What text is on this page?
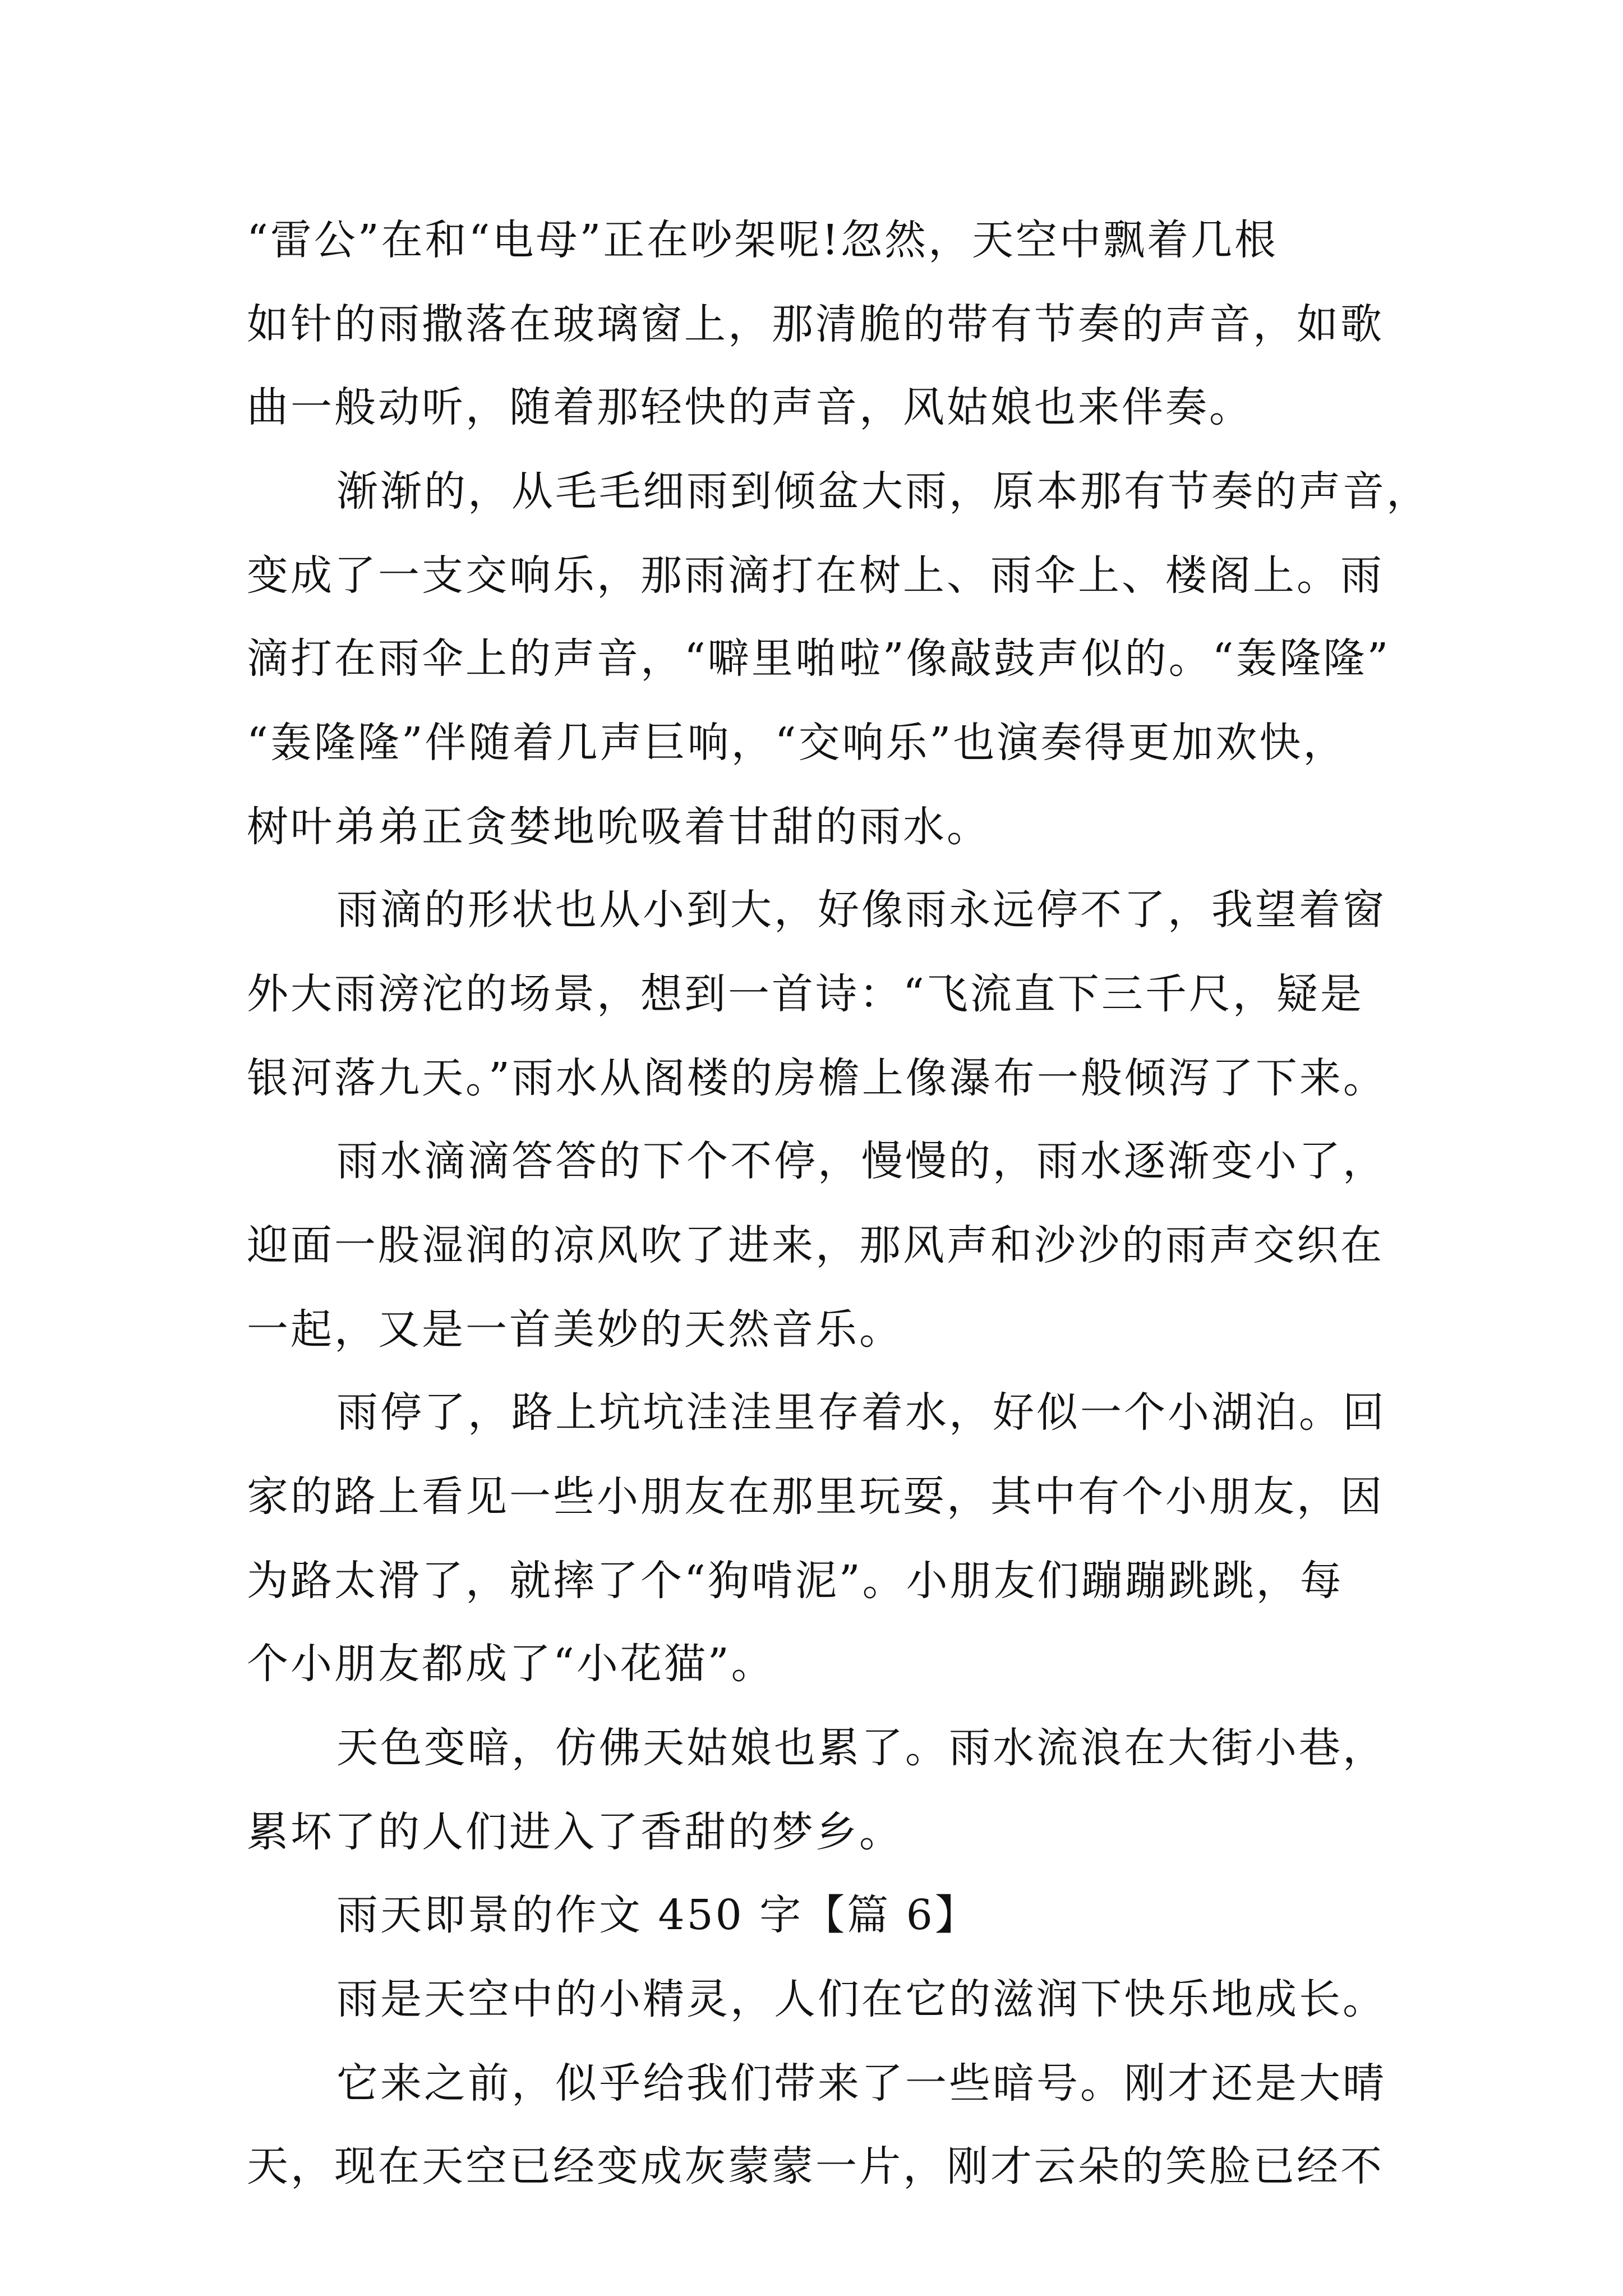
“雷公”在和“电母”正在吵架呢!忽然，天空中飘着几根

如针的雨撒落在玻璃窗上，那清脆的带有节奏的声音，如歌

曲一般动听，随着那轻快的声音，风姑娘也来伴奏。

渐渐的，从毛毛细雨到倾盆大雨，原本那有节奏的声音，

变成了一支交响乐，那雨滴打在树上、雨伞上、楼阁上。雨

滴打在雨伞上的声音，“噼里啪啦”像敲鼓声似的。“轰隆隆”

“轰隆隆”伴随着几声巨响，“交响乐”也演奏得更加欢快，

树叶弟弟正贪婪地吮吸着甘甜的雨水。

雨滴的形状也从小到大，好像雨永远停不了，我望着窗

外大雨滂沱的场景，想到一首诗：“飞流直下三千尺，疑是

银河落九天。”雨水从阁楼的房檐上像瀑布一般倾泻了下来。

雨水滴滴答答的下个不停，慢慢的，雨水逐渐变小了，

迎面一股湿润的凉风吹了进来，那风声和沙沙的雨声交织在

一起，又是一首美妙的天然音乐。

雨停了，路上坑坑洼洼里存着水，好似一个小湖泊。回

家的路上看见一些小朋友在那里玩耍，其中有个小朋友，因

为路太滑了，就摔了个“狗啃泥”。小朋友们蹦蹦跳跳，每

个小朋友都成了“小花猫”。

天色变暗，仿佛天姑娘也累了。雨水流浪在大街小巷，

累坏了的人们进入了香甜的梦乡。

雨天即景的作文 450 字【篇 6】

雨是天空中的小精灵，人们在它的滋润下快乐地成长。

它来之前，似乎给我们带来了一些暗号。刚才还是大晴

天，现在天空已经变成灰蒙蒙一片，刚才云朵的笑脸已经不
